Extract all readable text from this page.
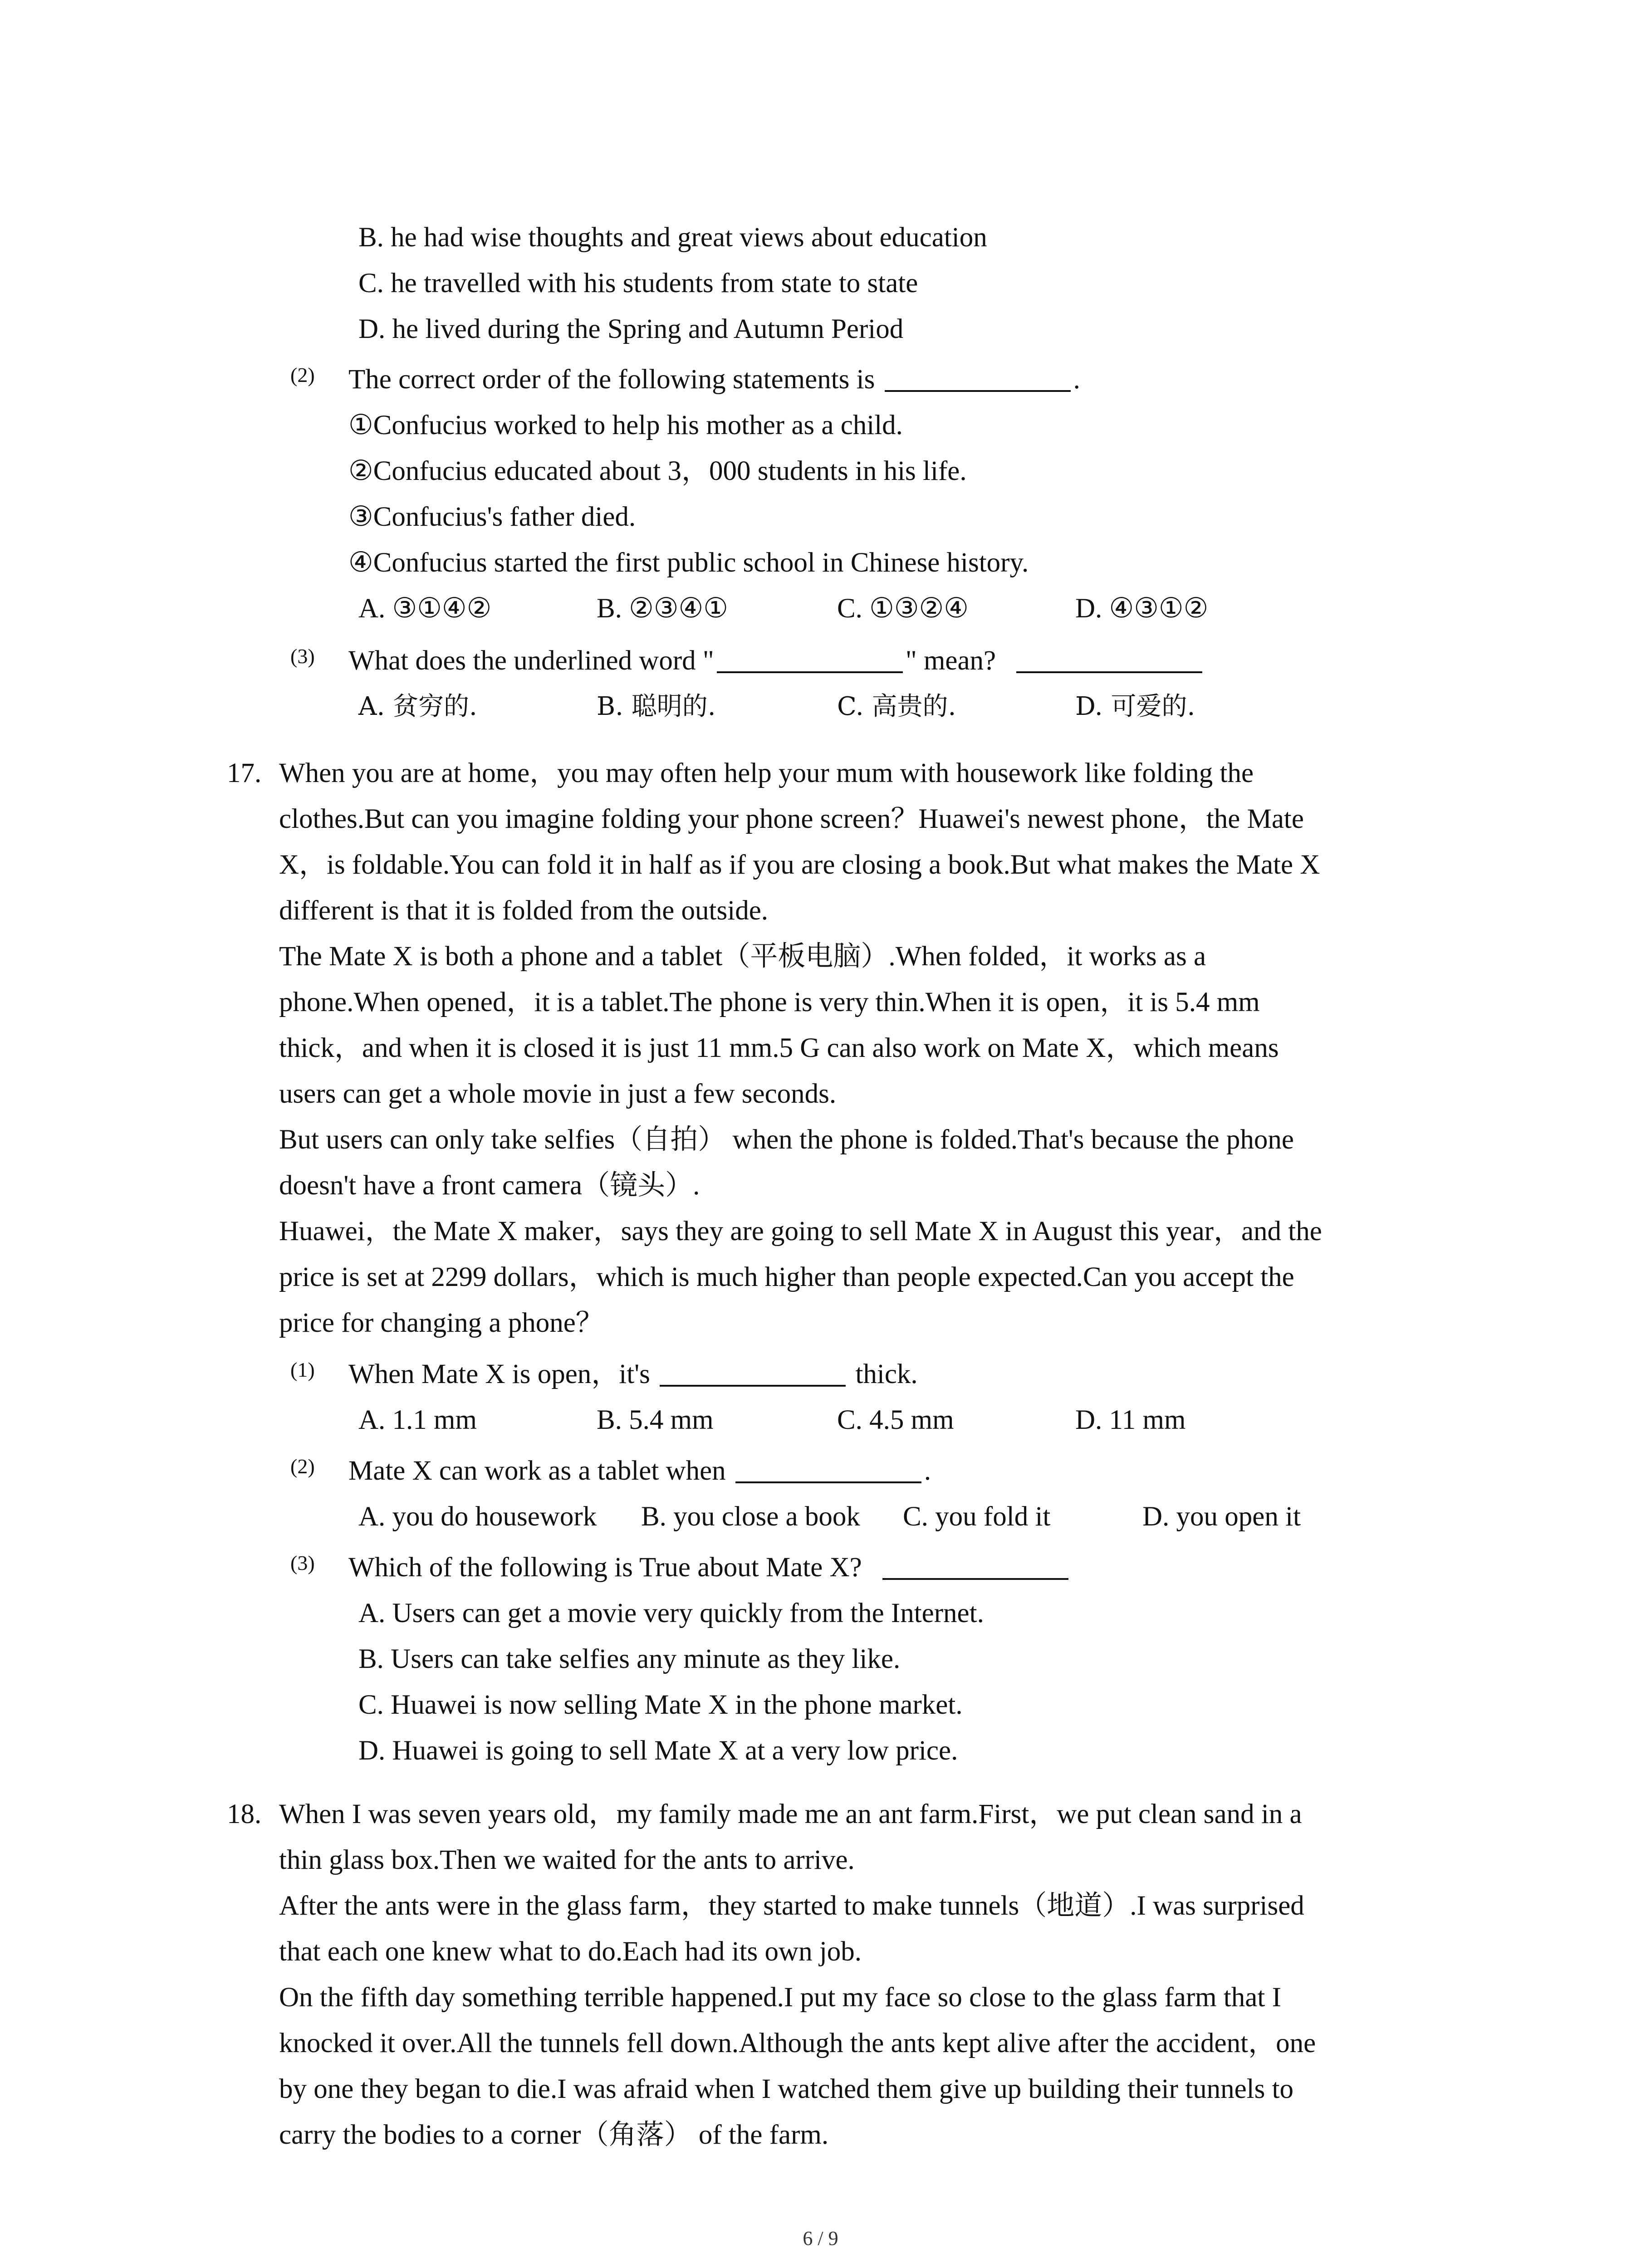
B. he had wise thoughts and great views about education
C. he travelled with his students from state to state
D. he lived during the Spring and Autumn Period
(2) The correct order of the following statements is	.
①Confucius worked to help his mother as a child.
②Confucius educated about 3，000 students in his life.
③Confucius's father died.
④Confucius started the first public school in Chinese history.
A. ③①④②	B. ②③④①	C. ①③②④	D. ④③①②
(3) What does the underlined word "	" mean?
A. 贫穷的.	B. 聪明的.	C. 高贵的.	D. 可爱的.
17. When you are at home，you may often help your mum with housework like folding the
clothes.But can you imagine folding your phone screen？Huawei's newest phone，the Mate
X，is foldable.You can fold it in half as if you are closing a book.But what makes the Mate X
different is that it is folded from the outside.
The Mate X is both a phone and a tablet（平板电脑）.When folded，it works as a
phone.When opened，it is a tablet.The phone is very thin.When it is open，it is 5.4 mm
thick，and when it is closed it is just 11 mm.5 G can also work on Mate X，which means
users can get a whole movie in just a few seconds.
But users can only take selfies（自拍） when the phone is folded.That's because the phone
doesn't have a front camera（镜头）.
Huawei，the Mate X maker，says they are going to sell Mate X in August this year，and the
price is set at 2299 dollars，which is much higher than people expected.Can you accept the
price for changing a phone？
(1) When Mate X is open，it's	thick.
A. 1.1 mm	B. 5.4 mm	C. 4.5 mm	D. 11 mm
(2) Mate X can work as a tablet when	.
A. you do housework B. you close a book C. you fold it	D. you open it
(3) Which of the following is True about Mate X?
A. Users can get a movie very quickly from the Internet.
B. Users can take selfies any minute as they like.
C. Huawei is now selling Mate X in the phone market.
D. Huawei is going to sell Mate X at a very low price.
18. When I was seven years old，my family made me an ant farm.First，we put clean sand in a
thin glass box.Then we waited for the ants to arrive.
After the ants were in the glass farm，they started to make tunnels（地道）.I was surprised
that each one knew what to do.Each had its own job.
On the fifth day something terrible happened.I put my face so close to the glass farm that I
knocked it over.All the tunnels fell down.Although the ants kept alive after the accident，one
by one they began to die.I was afraid when I watched them give up building their tunnels to
carry the bodies to a corner（角落） of the farm.
6 / 9
